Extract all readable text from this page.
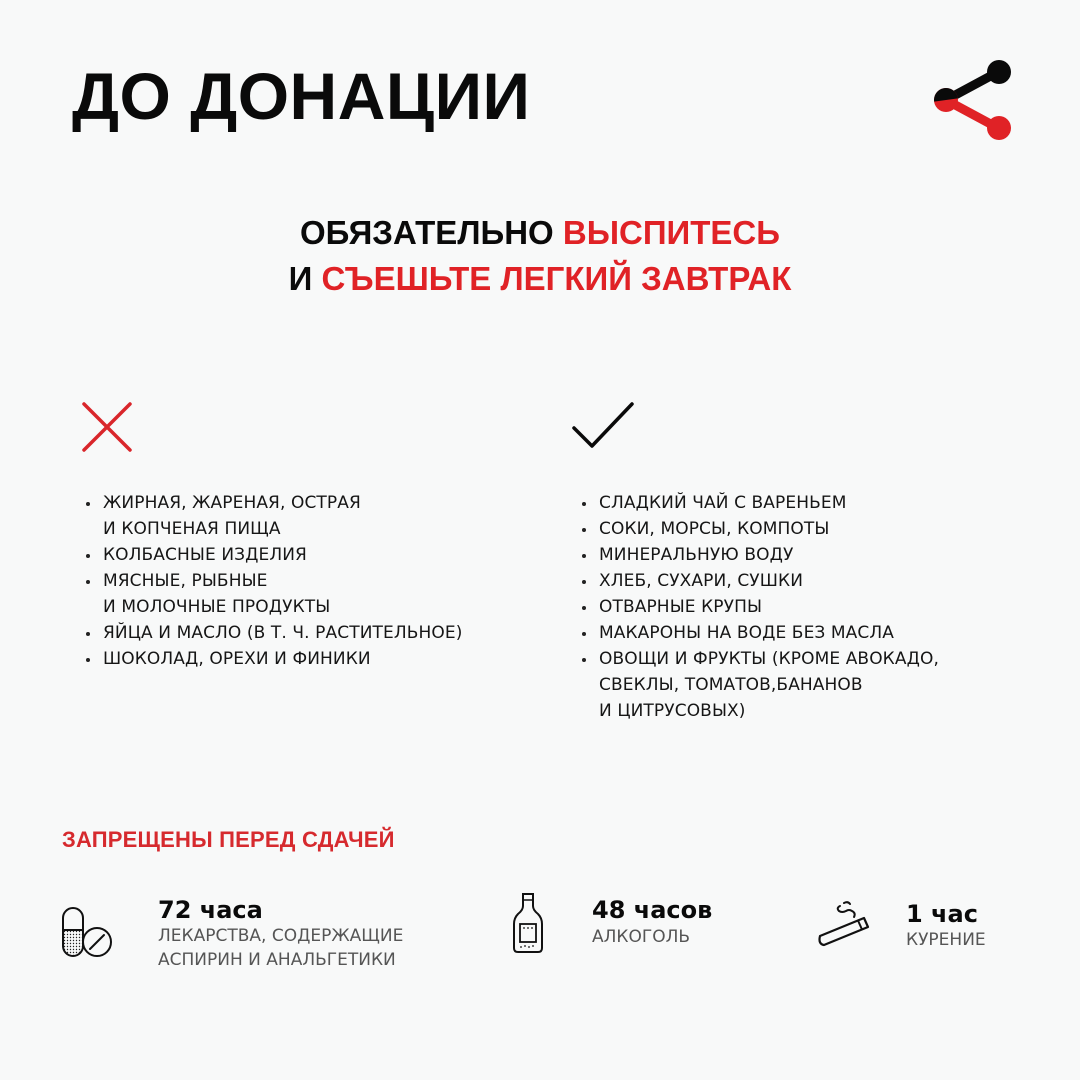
ДО ДОНАЦИИ
ОБЯЗАТЕЛЬНО ВЫСПИТЕСЬ
И СЪЕШЬТЕ ЛЕГКИЙ ЗАВТРАК
ЖИРНАЯ, ЖАРЕНАЯ, ОСТРАЯ
И КОПЧЕНАЯ ПИЩА
КОЛБАСНЫЕ ИЗДЕЛИЯ
МЯСНЫЕ, РЫБНЫЕ
И МОЛОЧНЫЕ ПРОДУКТЫ
ЯЙЦА И МАСЛО (В Т. Ч. РАСТИТЕЛЬНОЕ)
ШОКОЛАД, ОРЕХИ И ФИНИКИ
СЛАДКИЙ ЧАЙ С ВАРЕНЬЕМ
СОКИ, МОРСЫ, КОМПОТЫ
МИНЕРАЛЬНУЮ ВОДУ
ХЛЕБ, СУХАРИ, СУШКИ
ОТВАРНЫЕ КРУПЫ
МАКАРОНЫ НА ВОДЕ БЕЗ МАСЛА
ОВОЩИ И ФРУКТЫ (КРОМЕ АВОКАДО,
СВЕКЛЫ, ТОМАТОВ,БАНАНОВ
И ЦИТРУСОВЫХ)
ЗАПРЕЩЕНЫ ПЕРЕД СДАЧЕЙ
72 часа
ЛЕКАРСТВА, СОДЕРЖАЩИЕ
АСПИРИН И АНАЛЬГЕТИКИ
48 часов
АЛКОГОЛЬ
1 час
КУРЕНИЕ
